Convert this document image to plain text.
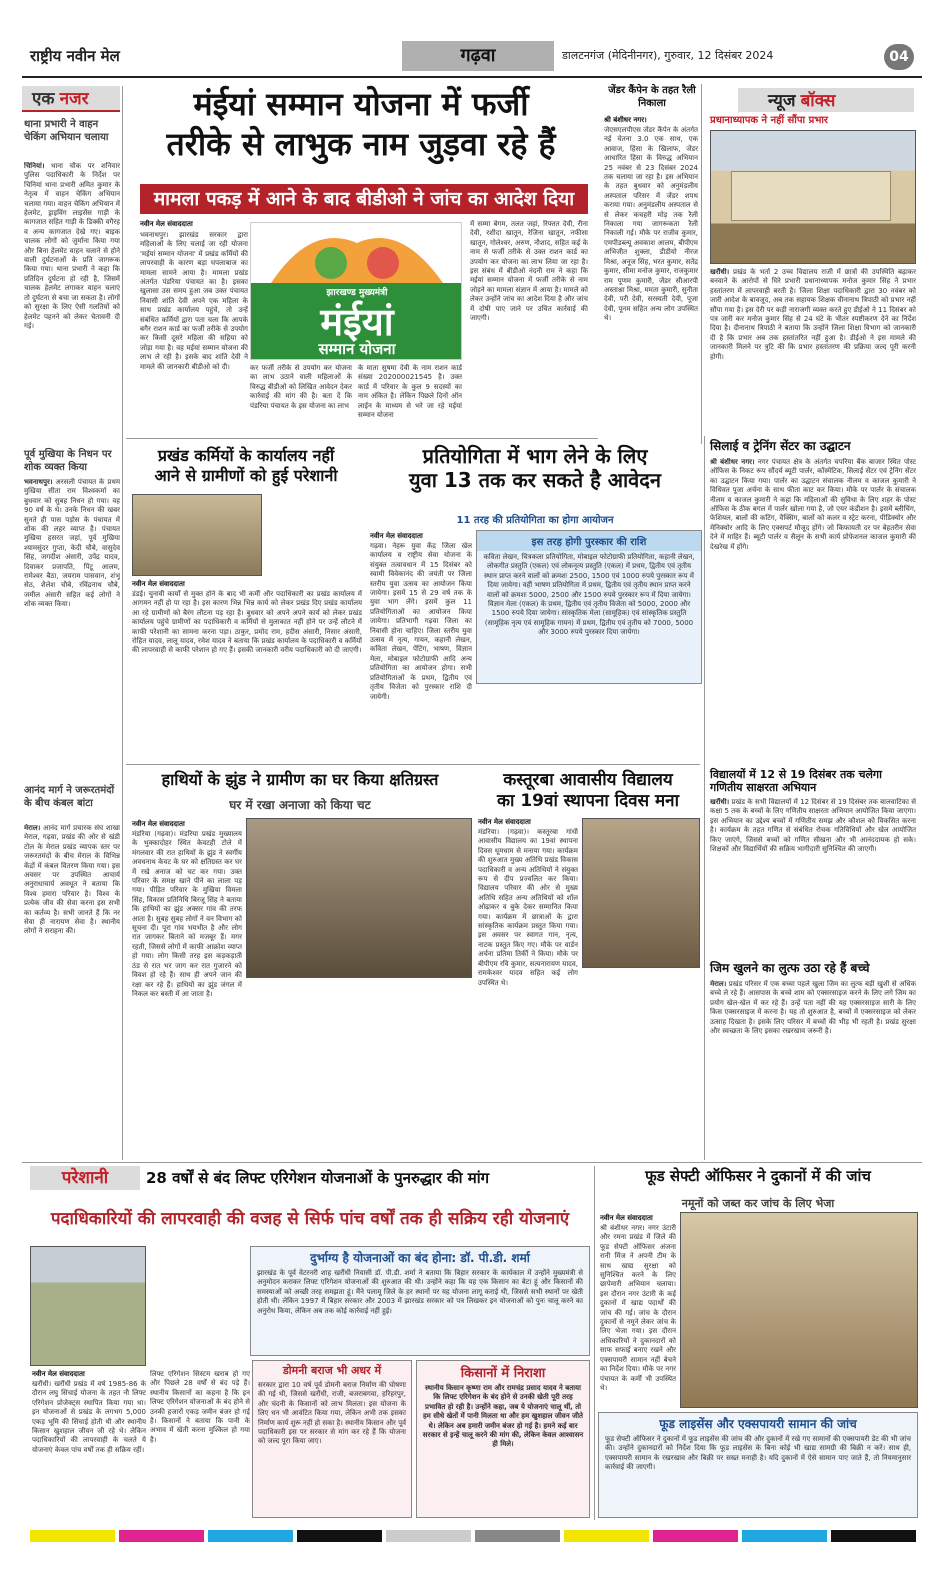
राष्ट्रीय नवीन मेल	गढ़वा	डालटनगंज (मेदिनीनगर), गुरुवार, 12 दिसंबर 2024	04
एक नजर
थाना प्रभारी ने वाहन चेकिंग अभियान चलाया
चिनियां। थाना चौक पर शनिवार पुलिस पदाधिकारी के निर्देश पर चिनियां थाना प्रभारी अमित कुमार के नेतृत्व में वाहन चेकिंग अभियान चलाया गया। वाहन चेकिंग अभियान में हेलमेट, ड्राइविंग लाइसेंस गाड़ी के कागजात सहित गाड़ी के डिक्की वगैरह व अन्य कागजात देखे गए। बाइक चालक लोगों को जुर्माना किया गया और बिना हेलमेट वाहन चलाने से होने वाली दुर्घटनाओं के प्रति जागरूक किया गया। थाना प्रभारी ने कहा कि प्रतिदिन दुर्घटना हो रही है, जिसमें चालक हेलमेट लगाकर वाहन चलाएं तो दुर्घटना से बचा जा सकता है। लोगों को सुरक्षा के लिए ऐसी गलतियों को हेलमेट पहनने को लेकर चेतावनी दी गई।
पूर्व मुखिया के निधन पर शोक व्यक्त किया
भवनाथपुर। अरसली पंचायत के प्रथम मुखिया सीता राम विश्वकर्मा का बुधवार को सुबह निधन हो गया। वह 90 वर्ष के थे। उनके निधन की खबर सुनते ही पास पड़ोस के पंचायत में शोक की लहर व्याप्त है। पंचायत मुखिया हसरत जहां, पूर्व मुखिया श्यामसुंदर गुप्ता, केदी चौबे, वासुदेव सिंह, जगदीश अंसारी, उपेंद्र यादव, दिवाकर प्रजापति, पिंटू आलम, रामेश्वर बैठा, जयराम पासवान, शंभू सेठ, शैलेश चौबे, रविंद्रनाथ चौबे, जमील अंसारी सहित कई लोगों ने शोक व्यक्त किया।
आनंद मार्ग ने जरूरतमंदों के बीच कंबल बांटा
मेराल। आनंद मार्ग प्रचारक संघ शाखा मेराल, गढ़वा, प्रखंड की ओर से खंडी टोल के मेराल प्रखंड व्यापक स्तर पर जरूरतमंदों के बीच मेराल के विभिन्न केंद्रों में कंबल वितरण किया गया। इस अवसर पर उपस्थित आचार्य अनुराधाचार्य अवधूत ने बताया कि विश्व हमारा परिवार है। विश्व के प्रत्येक जीव की सेवा करना इस सभी का कर्तव्य है। सभी जानते हैं कि नर सेवा ही नारायण सेवा है। स्थानीय लोगों ने सराहना की।
मंईयां सम्मान योजना में फर्जी
तरीके से लाभुक नाम जुड़वा रहे हैं
मामला पकड़ में आने के बाद बीडीओ ने जांच का आदेश दिया
नवीन मेल संवाददाता
भवनाथपुर। झारखंड सरकार द्वारा महिलाओं के लिए चलाई जा रही योजना 'मईयां सम्मान योजना' में प्रखंड कर्मियों की लापरवाही के कारण बड़ा घपलाबाज का मामला सामने आया है। मामला प्रखंड अंतर्गत पंडरिया पंचायत का है। इसका खुलासा उस समय हुआ जब उक्त पंचायत निवासी शांति देवी अपने एक महिला के साथ प्रखंड कार्यालय पहुंचे, तो उन्हें संबंधित कर्मियों द्वारा पता चला कि आपके बगैर राशन कार्ड का फर्जी तरीके से उपयोग कर किसी दूसरे महिला की सहिया को जोड़ा गया है। वह मईयां सम्मान योजना की लाभ ले रही है। इसके बाद शांति देवी ने मामले की जानकारी बीडीओ को दी।
झारखण्ड मुख्यमंत्री
मंईयां
सम्मान योजना
कर फर्जी तरीके से उपयोग कर योजना का लाभ उठाने वाली महिलाओं के विरुद्ध बीडीओ को लिखित आवेदन देकर कार्रवाई की मांग की है। बता दें कि पंडरिया पंचायत के इस योजना का लाभ
के माता सुषमा देवी के नाम राशन कार्ड संख्या 202000021545 है। उक्त कार्ड में परिवार के कुल 9 सदस्यों का नाम अंकित है। लेकिन पिछले दिनों ऑन लाईन के माध्यम से भरे जा रहे मईयां सम्मान योजना
में सम्मा बेगम, तलत जहां, रिफ्तत देवी, रीना देवी, रशीदा खातून, रेजिना खातून, नफीसा खातून, गोलेश्वर, अरुण, नौशाद, सहित कई के नाम से फर्जी तरीके से उक्त राशन कार्ड का उपयोग कर योजना का लाभ लिया जा रहा है। इस संबंध में बीडीओ नंदनी राम ने कहा कि मईयां सम्मान योजना में फर्जी तरीके से नाम जोड़ने का मामला संज्ञान में आया है। मामले को लेकर उन्होंने जांच का आदेश दिया है और जांच में दोषी पाए जाने पर उचित कार्रवाई की जाएगी।
जेंडर कैंपेन के तहत रैली निकाला
श्री बंशीधर नगर।
जेएसएलपीएस जेंडर कैंपेन के अंतर्गत नई चेतना 3.0 एक साथ, एक आवाज, हिंसा के खिलाफ, जेंडर आधारित हिंसा के विरुद्ध अभियान 25 नवंबर से 23 दिसंबर 2024 तक चलाया जा रहा है। इस अभियान के तहत बुधवार को अनुमंडलीय अस्पताल परिसर में जेंडर शपथ कराया गया। अनुमंडलीय अस्पताल से से लेकर कचहरी मोड़ तक रैली निकाला गया जागरूकता रैली निकाली गई। मौके पर राजीव कुमार, एमपीडब्ल्यू अवकाश आलम, बीपीएम अभिजीत शुक्ला, डीडीयो नीरज मिश्रा, अनूज सिंह, भरत कुमार, सतेंद्र कुमार, सीमा मनोज कुमार, राजकुमार राम पूणम कुमारी, जेंडर सीआरपी अस्ताश्ना मिश्रा, ममता कुमारी, सुनीता देवी, परी देवी, सरस्वती देवी, पूजा देवी, पूनम सहित अन्य लोग उपस्थित थे।
न्यूज बॉक्स
प्रधानाध्यापक ने नहीं सौंपा प्रभार
खरौंधी। प्रखंड के भर्ता 2 उच्च विद्यालय राजी में छात्रों की उपस्थिति बढ़ाकर बनवाने के आरोपों से घिरे प्रभारी प्रधानाध्यापक मनोज कुमार सिंह ने प्रभार हस्तांतरण में लापरवाही बरती है। जिला शिक्षा पदाधिकारी द्वारा 30 नवंबर को जारी आदेश के बावजूद, अब तक सहायक शिक्षक वीनानाथ त्रिपाठी को प्रभार नहीं सौंपा गया है। इस देरी पर कड़ी नाराजगी व्यक्त करते हुए डीईओ ने 11 दिसंबर को पत्र जारी कर मनोज कुमार सिंह से 24 घंटे के भीतर स्पष्टीकरण देने का निर्देश दिया है। दीनानाथ त्रिपाठी ने बताया कि उन्होंने जिला शिक्षा विभाग को जानकारी दी है कि प्रभार अब तक हस्तांतरित नहीं हुआ है। डीईओ ने इस मामले की जानकारी मिलने पर त्रुटि की कि प्रभार हस्तांतरण की प्रक्रिया जल्द पूरी करनी होगी।
सिलाई व ट्रेनिंग सेंटर का उद्घाटन
श्री बंशीधर नगर। नगर पंचायत क्षेत्र के अंतर्गत चपरिया बैंक बाजार स्थित पोस्ट ऑफिस के निकट रूप सौंदर्य ब्यूटी पार्लर, कॉस्मेटिक, सिलाई सेंटर एवं ट्रेनिंग सेंटर का उद्घाटन किया गया। पार्लर का उद्घाटन संचालक नीलम व काजल कुमारी ने विधिवत पूजा अर्चना के साथ फीता काट कर किया। मौके पर पार्लर के संचालक नीलम व काजल कुमारी ने कहा कि महिलाओं की सुविधा के लिए शहर के पोस्ट ऑफिस के ठीक बगल में पार्लर खोला गया है, जो एयर कंडीशन है। इसमें ब्लीचिंग, फेशियल, बालों की कटिंग, वैक्सिंग, बालों को कलर व स्ट्रेट करना, पीडिक्योर और मेनिक्योर आदि के लिए एक्सपर्ट मौजूद होंगे। जो किफायती दर पर बेहतरीन सेवा देने में माहिर हैं। ब्यूटी पार्लर व सैलून के सभी कार्य प्रोफेशनल काजल कुमारी की देखरेख में होंगे।
विद्यालयों में 12 से 19 दिसंबर तक चलेगा गणितीय साक्षरता अभियान
खरौंधी। प्रखंड के सभी विद्यालयों में 12 दिसंबर से 19 दिसंबर तक बालवाटिका से कक्षा 5 तक के बच्चों के लिए गणितीय साक्षरता अभियान आयोजित किया जाएगा। इस अभियान का उद्देश्य बच्चों में गणितीय समझ और कौशल को विकसित करना है। कार्यक्रम के तहत गणित से संबंधित रोचक गतिविधियों और खेल आयोजित किए जाएंगे, जिससे बच्चों को गणित सीखना और भी आनंददायक हो सके। शिक्षकों और विद्यार्थियों की सक्रिय भागीदारी सुनिश्चित की जाएगी।
जिम खुलने का लुत्फ उठा रहे हैं बच्चे
मेराल। प्रखंड परिसर में एक बच्चा पहले खुला जिम का लुत्फ बड़ी खुशी से अधिक बच्चे ले रहे हैं। आसपास के बच्चे शाम को एक्सरसाइज करने के लिए लगे जिम का प्रयोग खेल-खेल में कर रहे हैं। उन्हें पता नहीं की यह एक्सरसाइज सारी के लिए किस एक्सरसाइज में करना है। यह तो शुरुआत है, बच्चों में एक्सरसाइज को लेकर उत्साह दिखता है। इसके लिए परिसर में बच्चों की भीड़ भी रहती है। प्रखंड सुरक्षा और स्वच्छता के लिए इसका रखरखाव जरूरी है।
प्रखंड कर्मियों के कार्यालय नहीं
आने से ग्रामीणों को हुई परेशानी
नवीन मेल संवाददाता
डंडई। चुनावी कार्यों से मुक्त होने के बाद भी कर्मी और पदाधिकारी का प्रखंड कार्यालय में आगमन नहीं हो पा रहा है। इस कारण भिन्न भिन्न कार्य को लेकर प्रखंड दिए प्रखंड कार्यालय आ रहे ग्रामीणों को बैरंग लौटना पड़ रहा है। बुधवार को अपने अपने कार्य को लेकर प्रखंड कार्यालय पहुंचे ग्रामीणों का पदाधिकारी व कर्मियों से मुलाकात नहीं होने पर उन्हें लौटने में काफी परेशानी का सामना करना पड़ा। ठाकुर, प्रमोद राम, हदीस अंसारी, निसार अंसारी, रोहित यादव, लालू यादव, रमेश यादव ने बताया कि प्रखंड कार्यालय के पदाधिकारी व कर्मियों की लापरवाही से काफी परेशान हो गए हैं। इसकी जानकारी वरीय पदाधिकारी को दी जाएगी।
प्रतियोगिता में भाग लेने के लिए
युवा 13 तक कर सकते है आवेदन
11 तरह की प्रतियोगिता का होगा आयोजन
नवीन मेल संवाददाता
गढ़वा। नेहरू युवा केंद्र जिला खेल कार्यालय व राष्ट्रीय सेवा योजना के संयुक्त तत्वावधान में 15 दिसंबर को स्वामी विवेकानंद की जयंती पर जिला स्तरीय युवा उत्सव का आयोजन किया जायेगा। इसमें 15 से 29 वर्ष तक के युवा भाग लेंगे। इसमें कुल 11 प्रतियोगिताओं का आयोजन किया जायेगा। प्रतिभागी गढ़वा जिला का निवासी होना चाहिए। जिला स्तरीय युवा उत्सव में नृत्य, गायन, कहानी लेखन, कविता लेखन, पेंटिंग, भाषण, विज्ञान मेला, मोबाइल फोटोग्राफी आदि अन्य प्रतियोगिता का आयोजन होगा। सभी प्रतियोगिताओं के प्रथम, द्वितीय एवं तृतीय विजेता को पुरस्कार राशि दी जायेगी।
इस तरह होगी पुरस्कार की राशि
कविता लेखन, चित्रकला प्रतियोगिता, मोबाइल फोटोग्राफी प्रतियोगिता, कहानी लेखन, लोकगीत प्रस्तुति (एकल) एवं लोकनृत्य प्रस्तुति (एकल) में प्रथम, द्वितीय एवं तृतीय स्थान प्राप्त करने वालों को क्रमशः 2500, 1500 एवं 1000 रुपये पुरस्कार रूप में दिया जायेगा। वहीं भाषण प्रतियोगिता में प्रथम, द्वितीय एवं तृतीय स्थान प्राप्त करने वालों को क्रमशः 5000, 2500 और 1500 रुपये पुरस्कार रूप में दिया जायेगा। विज्ञान मेला (एकल) के प्रथम, द्वितीय एवं तृतीय विजेता को 5000, 2000 और 1500 रुपये दिया जायेगा। सांस्कृतिक मेला (सामूहिक) एवं सांस्कृतिक प्रस्तुति (सामूहिक नृत्य एवं सामूहिक गायन) में प्रथम, द्वितीय एवं तृतीय को 7000, 5000 और 3000 रुपये पुरस्कार दिया जायेगा।
हाथियों के झुंड ने ग्रामीण का घर किया क्षतिग्रस्त
घर में रखा अनाजा को किया चट
नवीन मेल संवाददाता
मंडरिया (गढ़वा)। मंडरिया प्रखंड मुख्यालय के भुक्कादोहर स्थित केवटही टोले में मंगलवार की रात हाथियों के झुंड ने स्वर्गीय अवधनाथ केवट के घर को क्षतिग्रस्त कर घर में रखे अनाज को चट कर गया। उक्त परिवार के समक्ष खाने पीने का लाला पड़ गया। पीड़ित परिवार के मुखिया विमला सिंह, विकास प्रतिनिधि बिरजू सिंह ने बताया कि हाथियों का झुंड अक्सर गांव की तरफ आता है। सुबह सुबह लोगों ने वन विभाग को सूचना दी। पूरा गांव भयभीत है और लोग रात जागकर बिताने को मजबूर हैं। मगर रहती, जिससे लोगों में काफी आक्रोश व्याप्त हो गया। लोग किसी तरह इस कड़कड़ाती ठंड से रात भर जाग कर रात गुजारने को विवश हो रहे हैं। साथ ही अपने जान की रक्षा कर रहे हैं। हाथियों का झुंड जंगल में निकल कर बस्ती में आ जाता है।
कस्तूरबा आवासीय विद्यालय
का 19वां स्थापना दिवस मना
नवीन मेल संवाददाता
मंडरिया। (गढ़वा)। कस्तूरबा गांधी आवासीय विद्यालय का 19वां स्थापना दिवस धूमधाम से मनाया गया। कार्यक्रम की शुरुआत मुख्य अतिथि प्रखंड विकास पदाधिकारी व अन्य अतिथियों ने संयुक्त रूप से दीप प्रज्वलित कर किया। विद्यालय परिवार की ओर से मुख्य अतिथि सहित अन्य अतिथियों को शॉल ओढ़ाकर व बुके देकर सम्मानित किया गया। कार्यक्रम में छात्राओं के द्वारा सांस्कृतिक कार्यक्रम प्रस्तुत किया गया। इस अवसर पर स्वागत गान, नृत्य, नाटक प्रस्तुत किए गए। मौके पर वार्डन अर्चना प्रतिमा तिर्की ने किया। मौके पर बीपीएम रवि कुमार, सत्यनारायण यादव, रामकेश्वर यादव सहित कई लोग उपस्थित थे।
परेशानी	28 वर्षों से बंद लिफ्ट एरिगेशन योजनाओं के पुनरुद्धार की मांग
पदाधिकारियों की लापरवाही की वजह से सिर्फ पांच वर्षों तक ही सक्रिय रही योजनाएं
नवीन मेल संवाददाता
खरौंधी। खरौंधी प्रखंड में वर्ष 1985-86 के दौरान लघु सिंचाई योजना के तहत नौ लिफ्ट एरिगेशन प्रोजेक्ट्स स्थापित किया गया था। इन योजनाओं से प्रखंड के लगभग 5,000 एकड़ भूमि की सिंचाई होती थी और स्थानीय किसान खुशहाल जीवन जी रहे थे। लेकिन पदाधिकारियों की लापरवाही के चलते ये योजनाएं केवल पांच वर्षों तक ही सक्रिय रहीं।
लिफ्ट एरिगेशन सिस्टम खराब हो गए और पिछले 28 वर्षों से बंद पड़े हैं। स्थानीय किसानों का कहना है कि इन लिफ्ट एरिगेशन योजनाओं के बंद होने से उनकी हजारों एकड़ जमीन बंजर हो गई है। किसानों ने बताया कि पानी के अभाव में खेती करना मुश्किल हो गया है।
दुर्भाग्य है योजनाओं का बंद होना: डॉ. पी.डी. शर्मा
झारखंड के पूर्व वेटरनरी शाह खरौंधी निवासी डॉ. पी.डी. शर्मा ने बताया कि बिहार सरकार के कार्यकाल में उन्होंने मुख्यमंत्री से अनुमोदन कराकर लिफ्ट एरिगेशन योजनाओं की शुरुआत की थी। उन्होंने कहा कि यह एक किसान का बेटा हूं और किसानों की समस्याओं को अच्छी तरह समझता हूं। मैंने पलामू जिले के हर स्थानों पर यह योजना लागू कराई थी, जिससे सभी स्थानों पर खेती होती थी। लेकिन 1997 में बिहार सरकार और 2003 में झारखंड सरकार को पत्र लिखकर इन योजनाओं को पुनः चालू करने का अनुरोध किया, लेकिन अब तक कोई कार्रवाई नहीं हुई।
डोमनी बराज भी अधर में
सरकार द्वारा 10 वर्ष पूर्व डोमनी बराज निर्माण की घोषणा की गई थी, जिससे खरौंधी, राजी, बजराबगवा, हरिहरपुर, और चंदनी के किसानों को लाभ मिलता। इस योजना के लिए धन भी आवंटित किया गया, लेकिन अभी तक इसका निर्माण कार्य शुरू नहीं हो सका है। स्थानीय किसान और पूर्व पदाधिकारी इस पर सरकार से मांग कर रहे हैं कि योजना को जल्द पूरा किया जाए।
किसानों में निराशा
स्थानीय किसान कृष्णा राम और रामचंद्र प्रसाद यादव ने बताया कि लिफ्ट एरिगेशन के बंद होने से उनकी खेती पूरी तरह प्रभावित हो रही है। उन्होंने कहा, जब ये योजनाएं चालू थीं, तो हम सीधे खेतों में पानी मिलता था और हम खुशहाल जीवन जीते थे। लेकिन अब हमारी जमीन बंजर हो गई है। हमने कई बार सरकार से इन्हें चालू करने की मांग की, लेकिन केवल आश्वासन ही मिले।
फूड सेफ्टी ऑफिसर ने दुकानों में की जांच
नमूनों को जब्त कर जांच के लिए भेजा
नवीन मेल संवाददाता
श्री बंशीधर नगर। नगर उंटारी और रमना प्रखंड में जिले की फूड सेफ्टी ऑफिसर अंजना रानी मिंज ने अपनी टीम के साथ खाद्य सुरक्षा को सुनिश्चित करने के लिए छापेमारी अभियान चलाया। इस दौरान नगर उंटारी के कई दुकानों में खाद्य पदार्थों की जांच की गई। जांच के दौरान दुकानों से नमूने लेकर जांच के लिए भेजा गया। इस दौरान अधिकारियों ने दुकानदारों को साफ सफाई बनाए रखने और एक्सपायरी सामान नहीं बेचने का निर्देश दिया। मौके पर नगर पंचायत के कर्मी भी उपस्थित थे।
फूड लाइसेंस और एक्सपायरी सामान की जांच
फूड सेफ्टी ऑफिसर ने दुकानों में फूड लाइसेंस की जांच की और दुकानों में रखे गए सामानों की एक्सपायरी डेट की भी जांच की। उन्होंने दुकानदारों को निर्देश दिया कि फूड लाइसेंस के बिना कोई भी खाद्य सामग्री की बिक्री न करें। साथ ही, एक्सपायरी सामान के रखरखाव और बिक्री पर सख्त मनाही है। यदि दुकानों में ऐसे सामान पाए जाते हैं, तो नियमानुसार कार्रवाई की जाएगी।
